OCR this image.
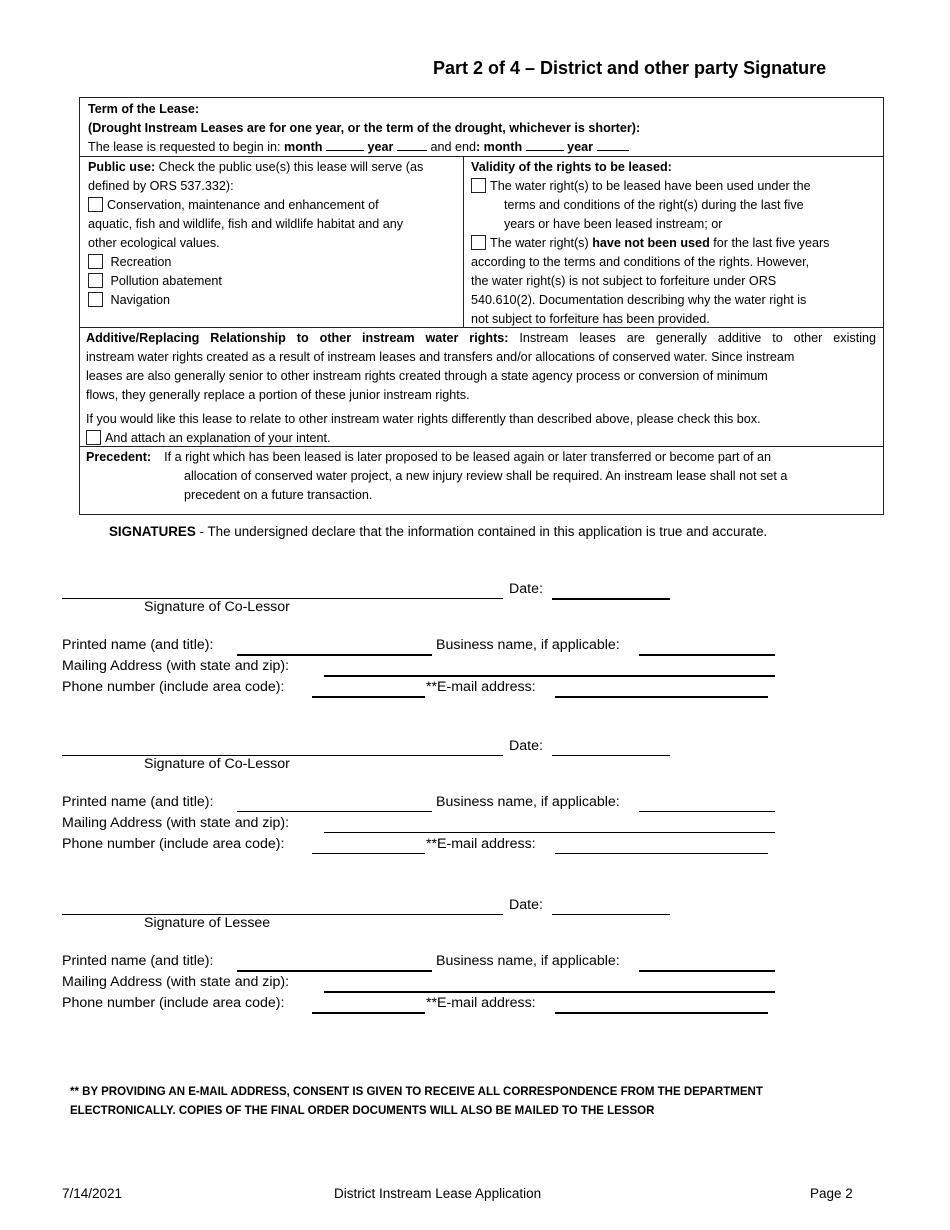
Part 2 of 4 – District and other party Signature
Term of the Lease:
(Drought Instream Leases are for one year, or the term of the drought, whichever is shorter):
The lease is requested to begin in: month	year	and end: month	year
Public use: Check the public use(s) this lease will serve (as
defined by ORS 537.332):
Conservation, maintenance and enhancement of
aquatic, fish and wildlife, fish and wildlife habitat and any
other ecological values.
Recreation
Pollution abatement
Navigation
Validity of the rights to be leased:
The water right(s) to be leased have been used under the
terms and conditions of the right(s) during the last five
years or have been leased instream; or
The water right(s) have not been used for the last five years
according to the terms and conditions of the rights. However,
the water right(s) is not subject to forfeiture under ORS
540.610(2). Documentation describing why the water right is
not subject to forfeiture has been provided.
Additive/Replacing Relationship to other instream water rights: Instream leases are generally additive to other existing
instream water rights created as a result of instream leases and transfers and/or allocations of conserved water. Since instream
leases are also generally senior to other instream rights created through a state agency process or conversion of minimum
flows, they generally replace a portion of these junior instream rights.
If you would like this lease to relate to other instream water rights differently than described above, please check this box.
And attach an explanation of your intent.
Precedent: If a right which has been leased is later proposed to be leased again or later transferred or become part of an
allocation of conserved water project, a new injury review shall be required. An instream lease shall not set a
precedent on a future transaction.
SIGNATURES - The undersigned declare that the information contained in this application is true and accurate.
Date:
Signature of Co-Lessor
Printed name (and title):	Business name, if applicable:
Mailing Address (with state and zip):
Phone number (include area code):	**E-mail address:
Date:
Signature of Co-Lessor
Printed name (and title):	Business name, if applicable:
Mailing Address (with state and zip):
Phone number (include area code):	**E-mail address:
Date:
Signature of Lessee
Printed name (and title):	Business name, if applicable:
Mailing Address (with state and zip):
Phone number (include area code):	**E-mail address:
** BY PROVIDING AN E-MAIL ADDRESS, CONSENT IS GIVEN TO RECEIVE ALL CORRESPONDENCE FROM THE DEPARTMENT
ELECTRONICALLY. COPIES OF THE FINAL ORDER DOCUMENTS WILL ALSO BE MAILED TO THE LESSOR
7/14/2021	District Instream Lease Application	Page 2
